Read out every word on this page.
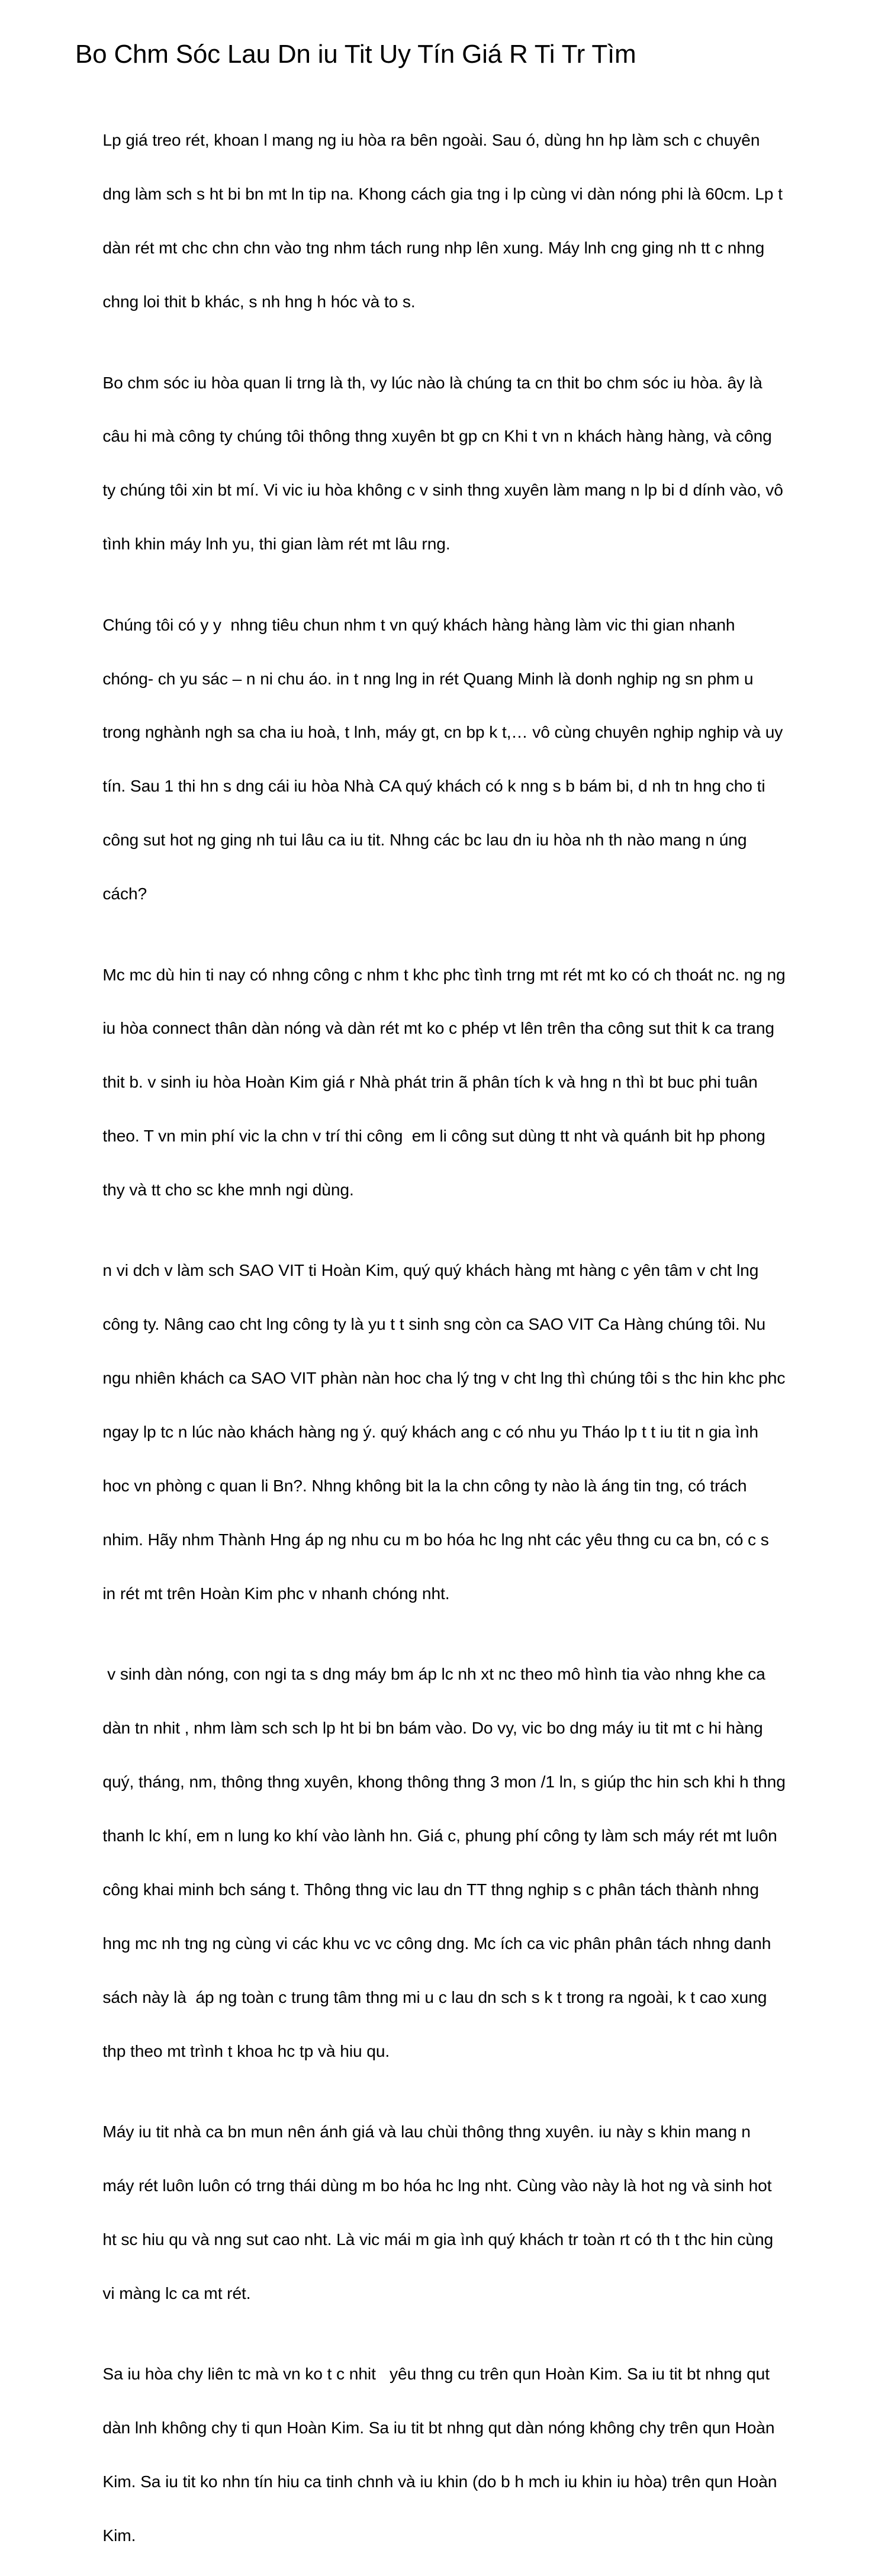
Bo Chm Sóc Lau Dn iu Tit Uy Tín Giá R Ti Tr Tìm

Lp giá treo rét, khoan l mang ng iu hòa ra bên ngoài. Sau ó, dùng hn hp làm sch c chuyên

dng làm sch s ht bi bn mt ln tip na. Khong cách gia tng i lp cùng vi dàn nóng phi là 60cm. Lp t

dàn rét mt chc chn chn vào tng nhm tách rung nhp lên xung. Máy lnh cng ging nh tt c nhng

chng loi thit b khác, s nh hng h hóc và to s.

Bo chm sóc iu hòa quan li trng là th, vy lúc nào là chúng ta cn thit bo chm sóc iu hòa. ây là

câu hi mà công ty chúng tôi thông thng xuyên bt gp cn Khi t vn n khách hàng hàng, và công

ty chúng tôi xin bt mí. Vi vic iu hòa không c v sinh thng xuyên làm mang n lp bi d dính vào, vô

tình khin máy lnh yu, thi gian làm rét mt lâu rng.

Chúng tôi có y y  nhng tiêu chun nhm t vn quý khách hàng hàng làm vic thi gian nhanh

chóng- ch yu sác – n ni chu áo. in t nng lng in rét Quang Minh là donh nghip ng sn phm u

trong nghành ngh sa cha iu hoà, t lnh, máy gt, cn bp k t,… vô cùng chuyên nghip nghip và uy

tín. Sau 1 thi hn s dng cái iu hòa Nhà CA quý khách có k nng s b bám bi, d nh tn hng cho ti

công sut hot ng ging nh tui lâu ca iu tit. Nhng các bc lau dn iu hòa nh th nào mang n úng

cách?

Mc mc dù hin ti nay có nhng công c nhm t khc phc tình trng mt rét mt ko có ch thoát nc. ng ng

iu hòa connect thân dàn nóng và dàn rét mt ko c phép vt lên trên tha công sut thit k ca trang

thit b. v sinh iu hòa Hoàn Kim giá r Nhà phát trin ã phân tích k và hng n thì bt buc phi tuân

theo. T vn min phí vic la chn v trí thi công  em li công sut dùng tt nht và quánh bit hp phong

thy và tt cho sc khe mnh ngi dùng.

n vi dch v làm sch SAO VIT ti Hoàn Kim, quý quý khách hàng mt hàng c yên tâm v cht lng

công ty. Nâng cao cht lng công ty là yu t t sinh sng còn ca SAO VIT Ca Hàng chúng tôi. Nu

ngu nhiên khách ca SAO VIT phàn nàn hoc cha lý tng v cht lng thì chúng tôi s thc hin khc phc

ngay lp tc n lúc nào khách hàng ng ý. quý khách ang c có nhu yu Tháo lp t t iu tit n gia ình

hoc vn phòng c quan li Bn?. Nhng không bit la la chn công ty nào là áng tin tng, có trách

nhim. Hãy nhm Thành Hng áp ng nhu cu m bo hóa hc lng nht các yêu thng cu ca bn, có c s

in rét mt trên Hoàn Kim phc v nhanh chóng nht.

v sinh dàn nóng, con ngi ta s dng máy bm áp lc nh xt nc theo mô hình tia vào nhng khe ca

dàn tn nhit , nhm làm sch sch lp ht bi bn bám vào. Do vy, vic bo dng máy iu tit mt c hi hàng

quý, tháng, nm, thông thng xuyên, khong thông thng 3 mon /1 ln, s giúp thc hin sch khi h thng

thanh lc khí, em n lung ko khí vào lành hn. Giá c, phung phí công ty làm sch máy rét mt luôn

công khai minh bch sáng t. Thông thng vic lau dn TT thng nghip s c phân tách thành nhng

hng mc nh tng ng cùng vi các khu vc vc công dng. Mc ích ca vic phân phân tách nhng danh

sách này là  áp ng toàn c trung tâm thng mi u c lau dn sch s k t trong ra ngoài, k t cao xung

thp theo mt trình t khoa hc tp và hiu qu.

Máy iu tit nhà ca bn mun nên ánh giá và lau chùi thông thng xuyên. iu này s khin mang n

máy rét luôn luôn có trng thái dùng m bo hóa hc lng nht. Cùng vào này là hot ng và sinh hot

ht sc hiu qu và nng sut cao nht. Là vic mái m gia ình quý khách tr toàn rt có th t thc hin cùng

vi màng lc ca mt rét.

Sa iu hòa chy liên tc mà vn ko t c nhit   yêu thng cu trên qun Hoàn Kim. Sa iu tit bt nhng qut

dàn lnh không chy ti qun Hoàn Kim. Sa iu tit bt nhng qut dàn nóng không chy trên qun Hoàn

Kim. Sa iu tit ko nhn tín hiu ca tinh chnh và iu khin (do b h mch iu khin iu hòa) trên qun Hoàn

Kim.
